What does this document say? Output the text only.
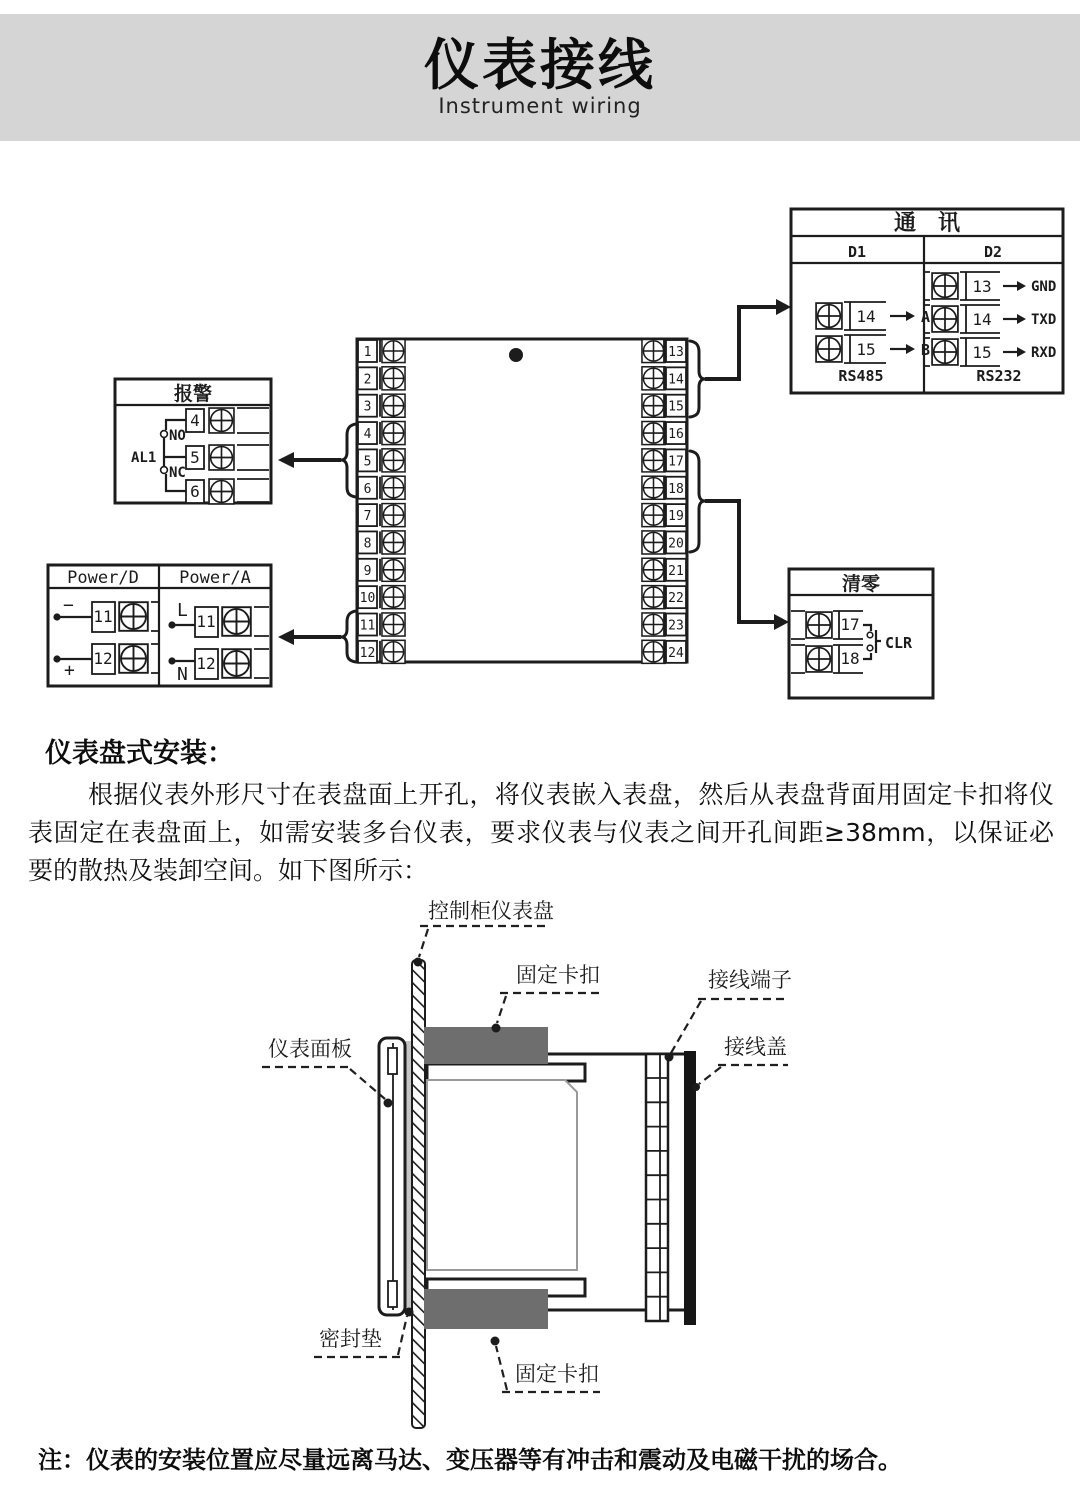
仪表接线
Instrument wiring
1
2
3
4
5
6
7
8
9
10
11
12
13
14
15
16
17
18
19
20
21
22
23
24
通　讯
D1	D2
14	A
15	B
RS485
13	GND
14	TXD
15	RXD
RS232
报警
4
5
6
NO
NC
AL1
Power/D Power/A
−
11
+
12
L
11
N
12
清零
17
18
CLR
仪表盘式安装：
根据仪表外形尺寸在表盘面上开孔，将仪表嵌入表盘，然后从表盘背面用固定卡扣将仪表固定在表盘面上，如需安装多台仪表，要求仪表与仪表之间开孔间距≥38mm，以保证必要的散热及装卸空间。如下图所示：
控制柜仪表盘
固定卡扣	接线端子
接线盖
仪表面板
密封垫
固定卡扣
注：仪表的安装位置应尽量远离马达、变压器等有冲击和震动及电磁干扰的场合。
